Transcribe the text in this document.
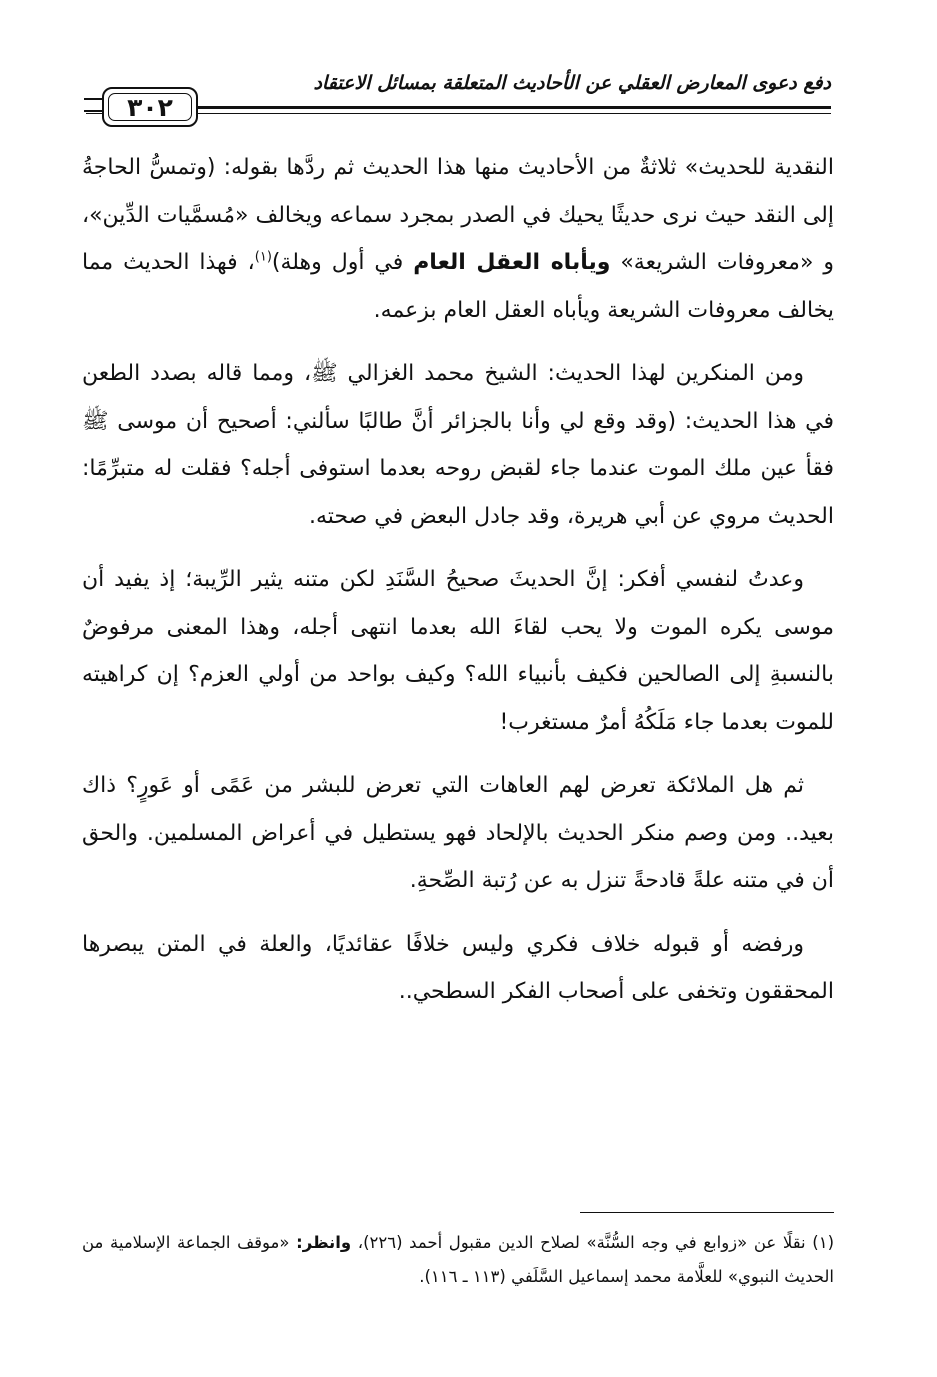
دفع دعوى المعارض العقلي عن الأحاديث المتعلقة بمسائل الاعتقاد
٣٠٢

النقدية للحديث» ثلاثةٌ من الأحاديث منها هذا الحديث ثم ردَّها بقوله: (وتمسُّ الحاجةُ إلى النقد حيث نرى حديثًا يحيك في الصدر بمجرد سماعه ويخالف «مُسمَّيات الدِّين»، و «معروفات الشريعة» ويأباه العقل العام في أول وهلة)$^{(١)}$، فهذا الحديث مما يخالف معروفات الشريعة ويأباه العقل العام بزعمه.

ومن المنكرين لهذا الحديث: الشيخ محمد الغزالي ﷺ، ومما قاله بصدد الطعن في هذا الحديث: (وقد وقع لي وأنا بالجزائر أنَّ طالبًا سألني: أصحيح أن موسى ﷺ فقأ عين ملك الموت عندما جاء لقبض روحه بعدما استوفى أجله؟ فقلت له متبرِّمًا: الحديث مروي عن أبي هريرة، وقد جادل البعض في صحته.

وعدتُ لنفسي أفكر: إنَّ الحديثَ صحيحُ السَّنَدِ لكن متنه يثير الرِّيبة؛ إذ يفيد أن موسى يكره الموت ولا يحب لقاءَ الله بعدما انتهى أجله، وهذا المعنى مرفوضٌ بالنسبةِ إلى الصالحين فكيف بأنبياء الله؟ وكيف بواحد من أولي العزم؟ إن كراهيته للموت بعدما جاء مَلَكُهُ أمرٌ مستغرب!

ثم هل الملائكة تعرض لهم العاهات التي تعرض للبشر من عَمًى أو عَورٍ؟ ذاك بعيد.. ومن وصم منكر الحديث بالإلحاد فهو يستطيل في أعراض المسلمين. والحق أن في متنه علةً قادحةً تنزل به عن رُتبة الصِّحةِ.

ورفضه أو قبوله خلاف فكري وليس خلافًا عقائديًا، والعلة في المتن يبصرها المحققون وتخفى على أصحاب الفكر السطحي..

(١) نقلًا عن «زوابع في وجه السُّنَّة» لصلاح الدين مقبول أحمد (٢٢٦)، وانظر: «موقف الجماعة الإسلامية من الحديث النبوي» للعلَّامة محمد إسماعيل السَّلَفي (١١٣ ـ ١١٦).
